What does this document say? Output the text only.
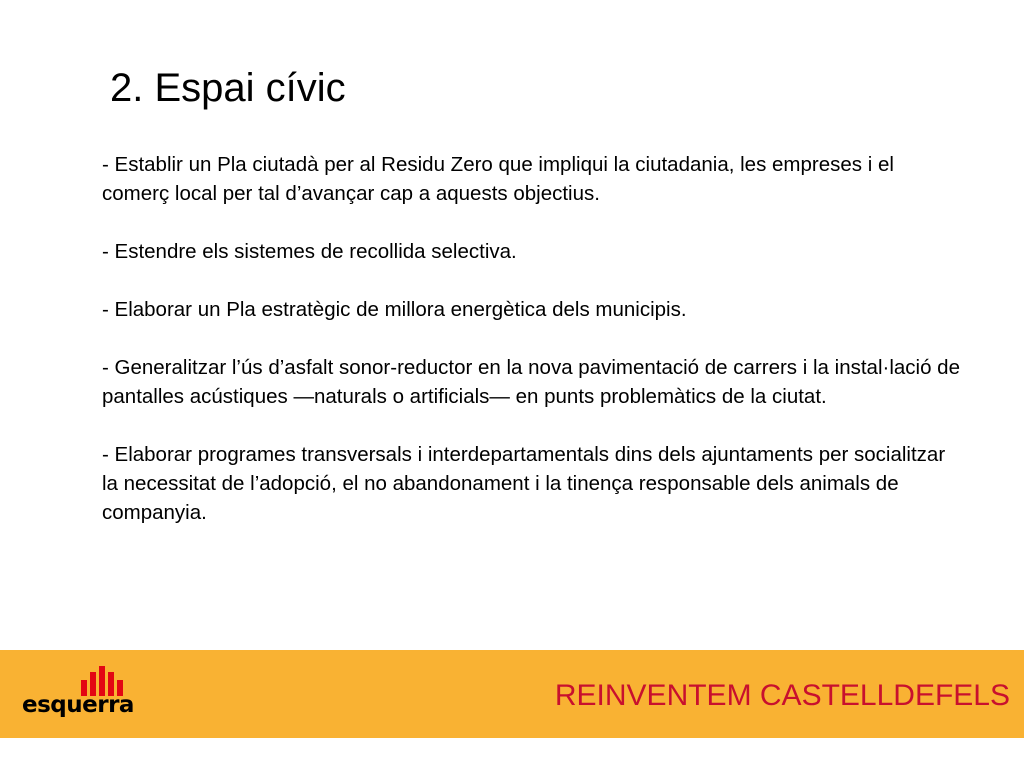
2. Espai cívic
- Establir un Pla ciutadà per al Residu Zero que impliqui la ciutadania, les empreses i el comerç local per tal d’avançar cap a aquests objectius.
- Estendre els sistemes de recollida selectiva.
- Elaborar un Pla estratègic de millora energètica dels municipis.
- Generalitzar l’ús d’asfalt sonor-reductor en la nova pavimentació de carrers i la instal·lació de pantalles acústiques —naturals o artificials— en punts problemàtics de la ciutat.
- Elaborar programes transversals i interdepartamentals dins dels ajuntaments per socialitzar la necessitat de l’adopció, el no abandonament i la tinença responsable dels animals de companyia.
esquerra	REINVENTEM CASTELLDEFELS
